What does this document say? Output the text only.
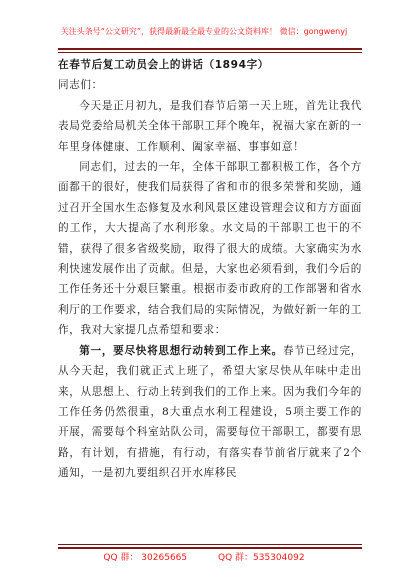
关注头条号“公文研究”，获得最新最全最专业的公文资料库！ 微信：gongwenyj

在春节后复工动员会上的讲话（1894字）

同志们：

今天是正月初九，是我们春节后第一天上班，首先让我代表局党委给局机关全体干部职工拜个晚年，祝福大家在新的一年里身体健康、工作顺利、阖家幸福、事事如意！

同志们，过去的一年，全体干部职工都积极工作，各个方面都干的很好，使我们局获得了省和市的很多荣誉和奖励，通过召开全国水生态修复及水利风景区建设管理会议和方方面面的工作，大大提高了水利形象。水文局的干部职工也干的不错，获得了很多省级奖励，取得了很大的成绩。大家确实为水利快速发展作出了贡献。但是，大家也必须看到，我们今后的工作任务还十分艰巨繁重。根据市委市政府的工作部署和省水利厅的工作要求，结合我们局的实际情况，为做好新一年的工作，我对大家提几点希望和要求：

第一，要尽快将思想行动转到工作上来。春节已经过完，从今天起，我们就正式上班了，希望大家尽快从年味中走出来，从思想上、行动上转到我们的工作上来。因为我们今年的工作任务仍然很重，8大重点水利工程建设，5项主要工作的开展，需要每个科室站队公司，需要每位干部职工，都要有思路，有计划，有措施，有行动，有落实春节前省厅就来了2个通知，一是初九要组织召开水库移民

QQ 群： 30265665	QQ 群：535304092
